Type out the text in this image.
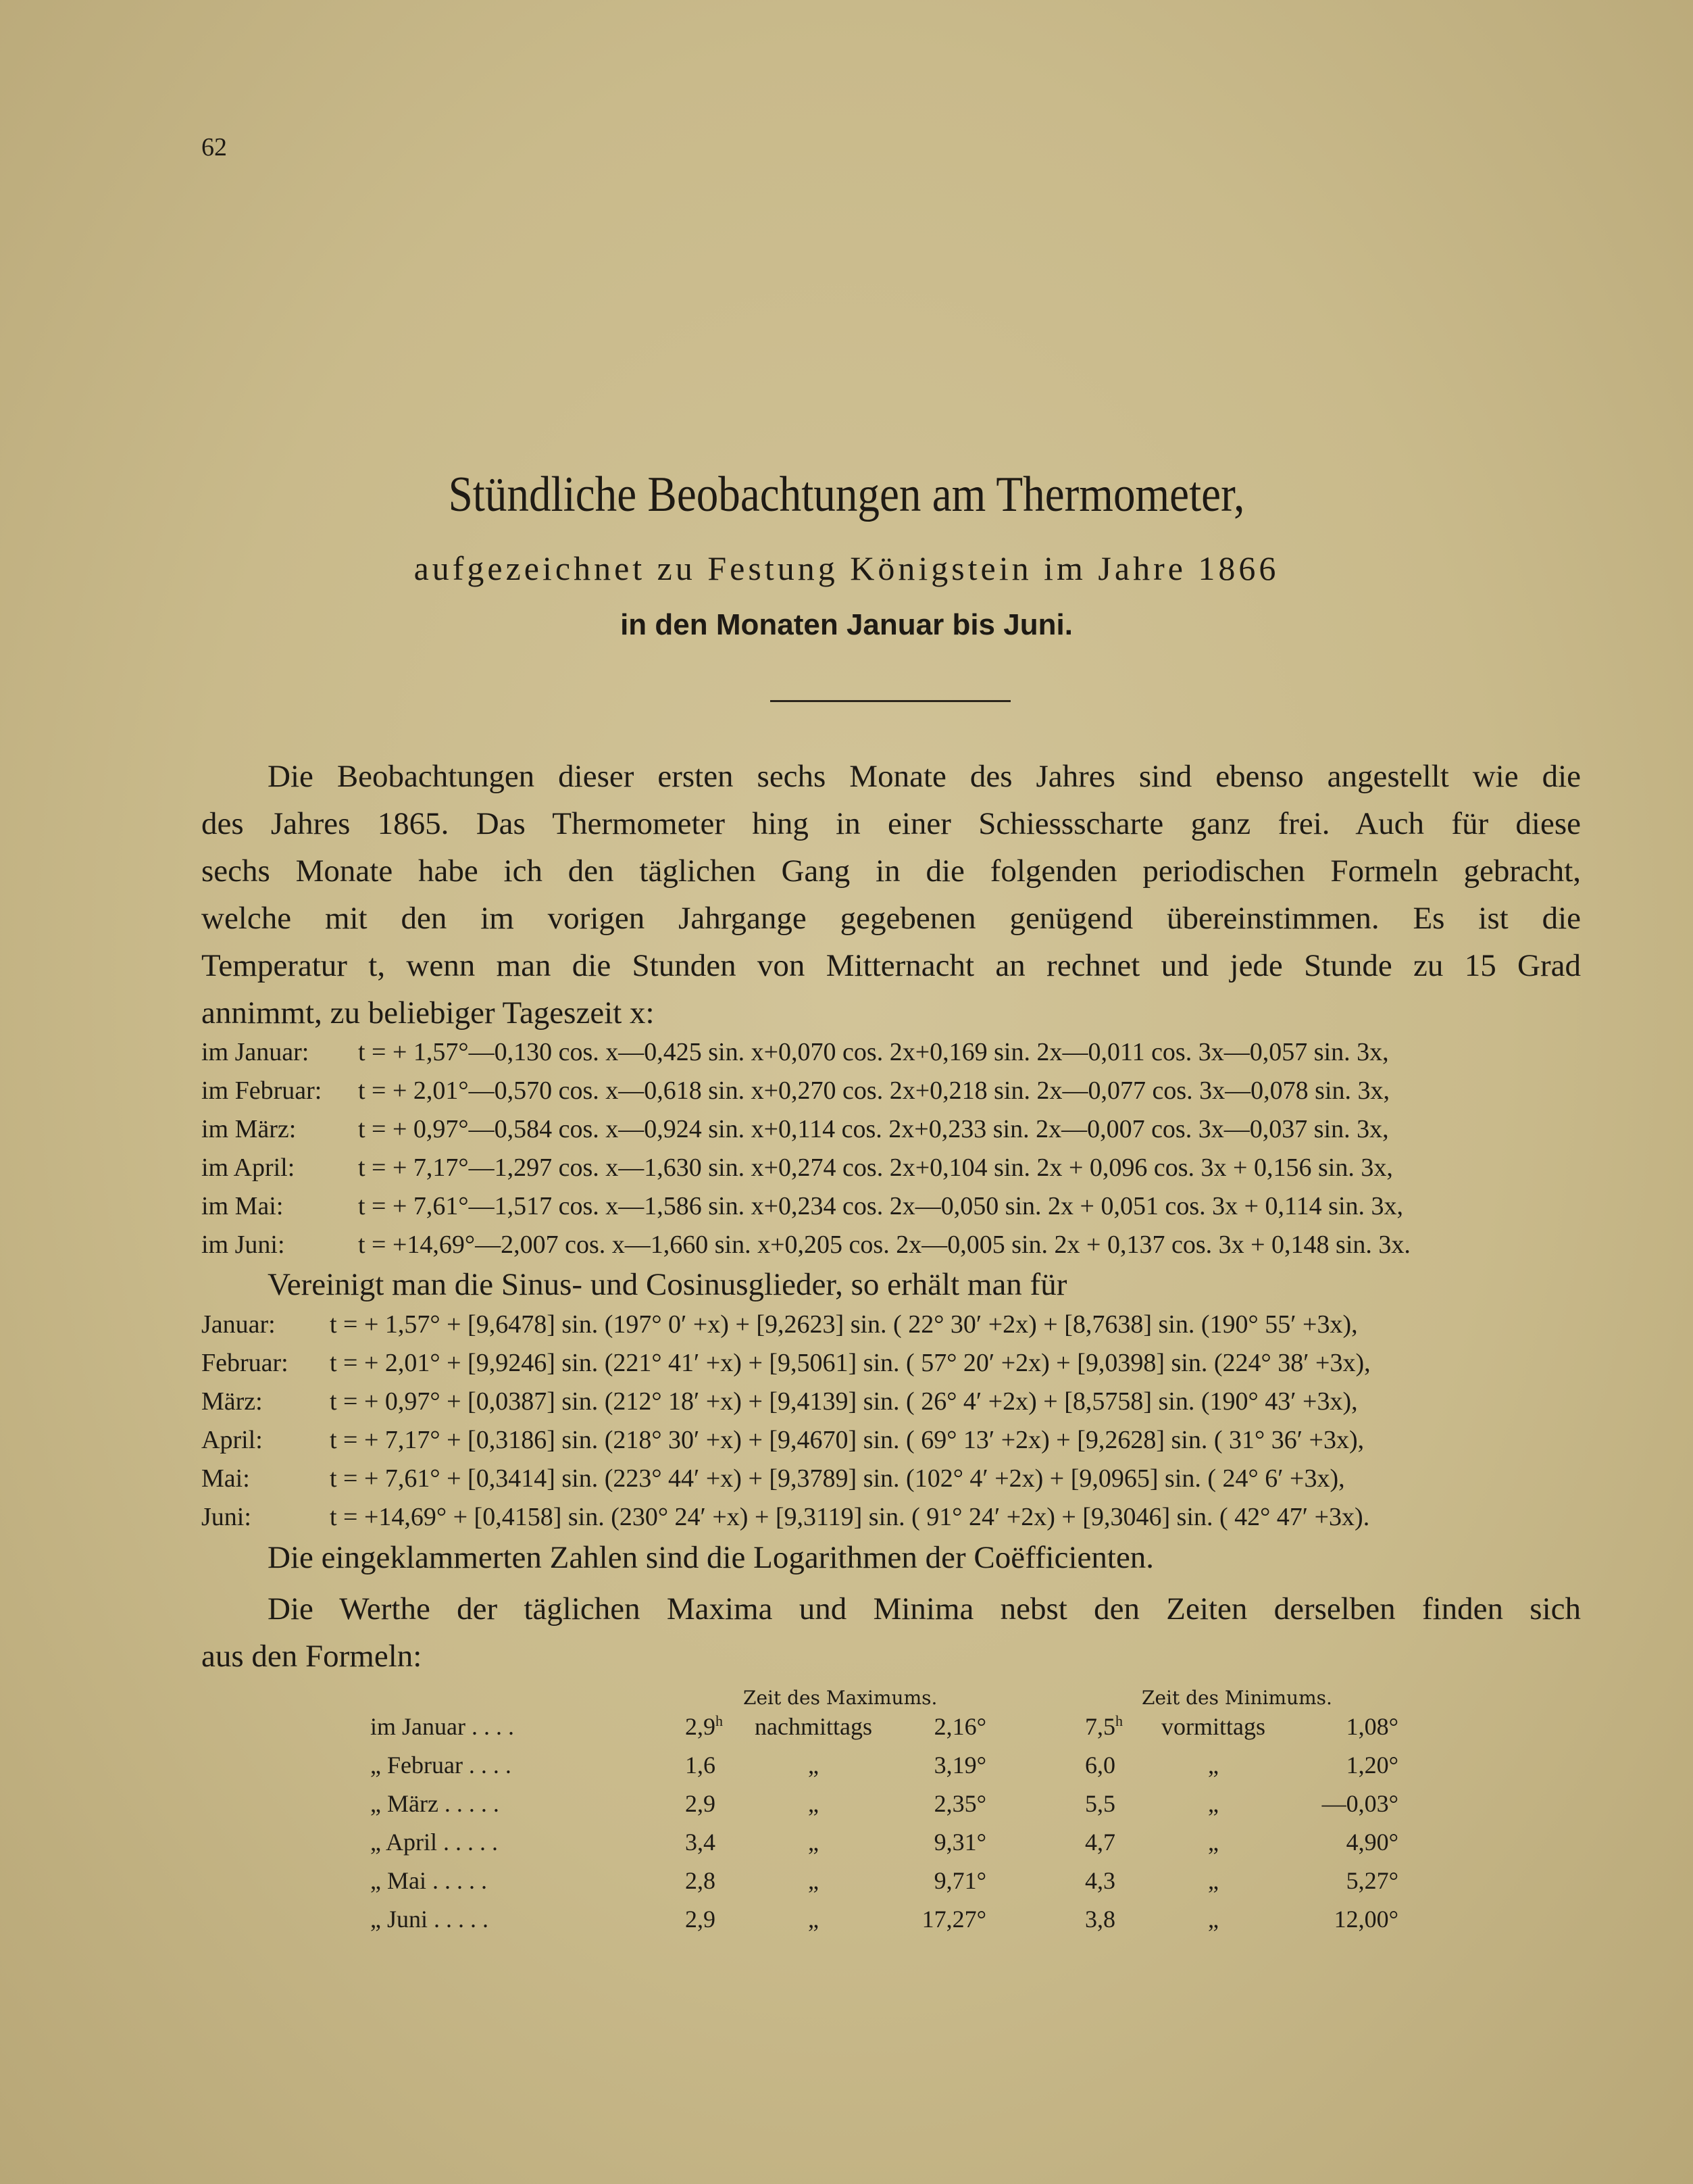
62
Stündliche Beobachtungen am Thermometer,
aufgezeichnet zu Festung Königstein im Jahre 1866
in den Monaten Januar bis Juni.
Die Beobachtungen dieser ersten sechs Monate des Jahres sind ebenso angestellt wie die
des Jahres 1865. Das Thermometer hing in einer Schiessscharte ganz frei. Auch für diese
sechs Monate habe ich den täglichen Gang in die folgenden periodischen Formeln gebracht,
welche mit den im vorigen Jahrgange gegebenen genügend übereinstimmen. Es ist die
Temperatur t, wenn man die Stunden von Mitternacht an rechnet und jede Stunde zu 15 Grad
annimmt, zu beliebiger Tageszeit x:
im Januar: t = + 1,57°—0,130 cos. x—0,425 sin. x+0,070 cos. 2x+0,169 sin. 2x—0,011 cos. 3x—0,057 sin. 3x,
im Februar: t = + 2,01°—0,570 cos. x—0,618 sin. x+0,270 cos. 2x+0,218 sin. 2x—0,077 cos. 3x—0,078 sin. 3x,
im März: t = + 0,97°—0,584 cos. x—0,924 sin. x+0,114 cos. 2x+0,233 sin. 2x—0,007 cos. 3x—0,037 sin. 3x,
im April: t = + 7,17°—1,297 cos. x—1,630 sin. x+0,274 cos. 2x+0,104 sin. 2x + 0,096 cos. 3x + 0,156 sin. 3x,
im Mai:	t = + 7,61°—1,517 cos. x—1,586 sin. x+0,234 cos. 2x—0,050 sin. 2x + 0,051 cos. 3x + 0,114 sin. 3x,
im Juni:	t = +14,69°—2,007 cos. x—1,660 sin. x+0,205 cos. 2x—0,005 sin. 2x + 0,137 cos. 3x + 0,148 sin. 3x.
Vereinigt man die Sinus- und Cosinusglieder, so erhält man für
Januar: t = + 1,57° + [9,6478] sin. (197° 0′ +x) + [9,2623] sin. ( 22° 30′ +2x) + [8,7638] sin. (190° 55′ +3x),
Februar: t = + 2,01° + [9,9246] sin. (221° 41′ +x) + [9,5061] sin. ( 57° 20′ +2x) + [9,0398] sin. (224° 38′ +3x),
März:	t = + 0,97° + [0,0387] sin. (212° 18′ +x) + [9,4139] sin. ( 26° 4′ +2x) + [8,5758] sin. (190° 43′ +3x),
April:	t = + 7,17° + [0,3186] sin. (218° 30′ +x) + [9,4670] sin. ( 69° 13′ +2x) + [9,2628] sin. ( 31° 36′ +3x),
Mai:	t = + 7,61° + [0,3414] sin. (223° 44′ +x) + [9,3789] sin. (102° 4′ +2x) + [9,0965] sin. ( 24° 6′ +3x),
Juni:	t = +14,69° + [0,4158] sin. (230° 24′ +x) + [9,3119] sin. ( 91° 24′ +2x) + [9,3046] sin. ( 42° 47′ +3x).
Die eingeklammerten Zahlen sind die Logarithmen der Coëfficienten.
Die Werthe der täglichen Maxima und Minima nebst den Zeiten derselben finden sich
aus den Formeln:
Zeit des Maximums.	Zeit des Minimums.
im Januar . . . .	2,9$^h$	nachmittags	2,16°	7,5$^h$	vormittags	1,08°
„ Februar . . . .	1,6	„	3,19°	6,0	„	1,20°
„ März . . . . .	2,9	„	2,35°	5,5	„	—0,03°
„ April . . . . .	3,4	„	9,31°	4,7	„	4,90°
„ Mai . . . . .	2,8	„	9,71°	4,3	„	5,27°
„ Juni . . . . .	2,9	„	17,27°	3,8	„	12,00°
